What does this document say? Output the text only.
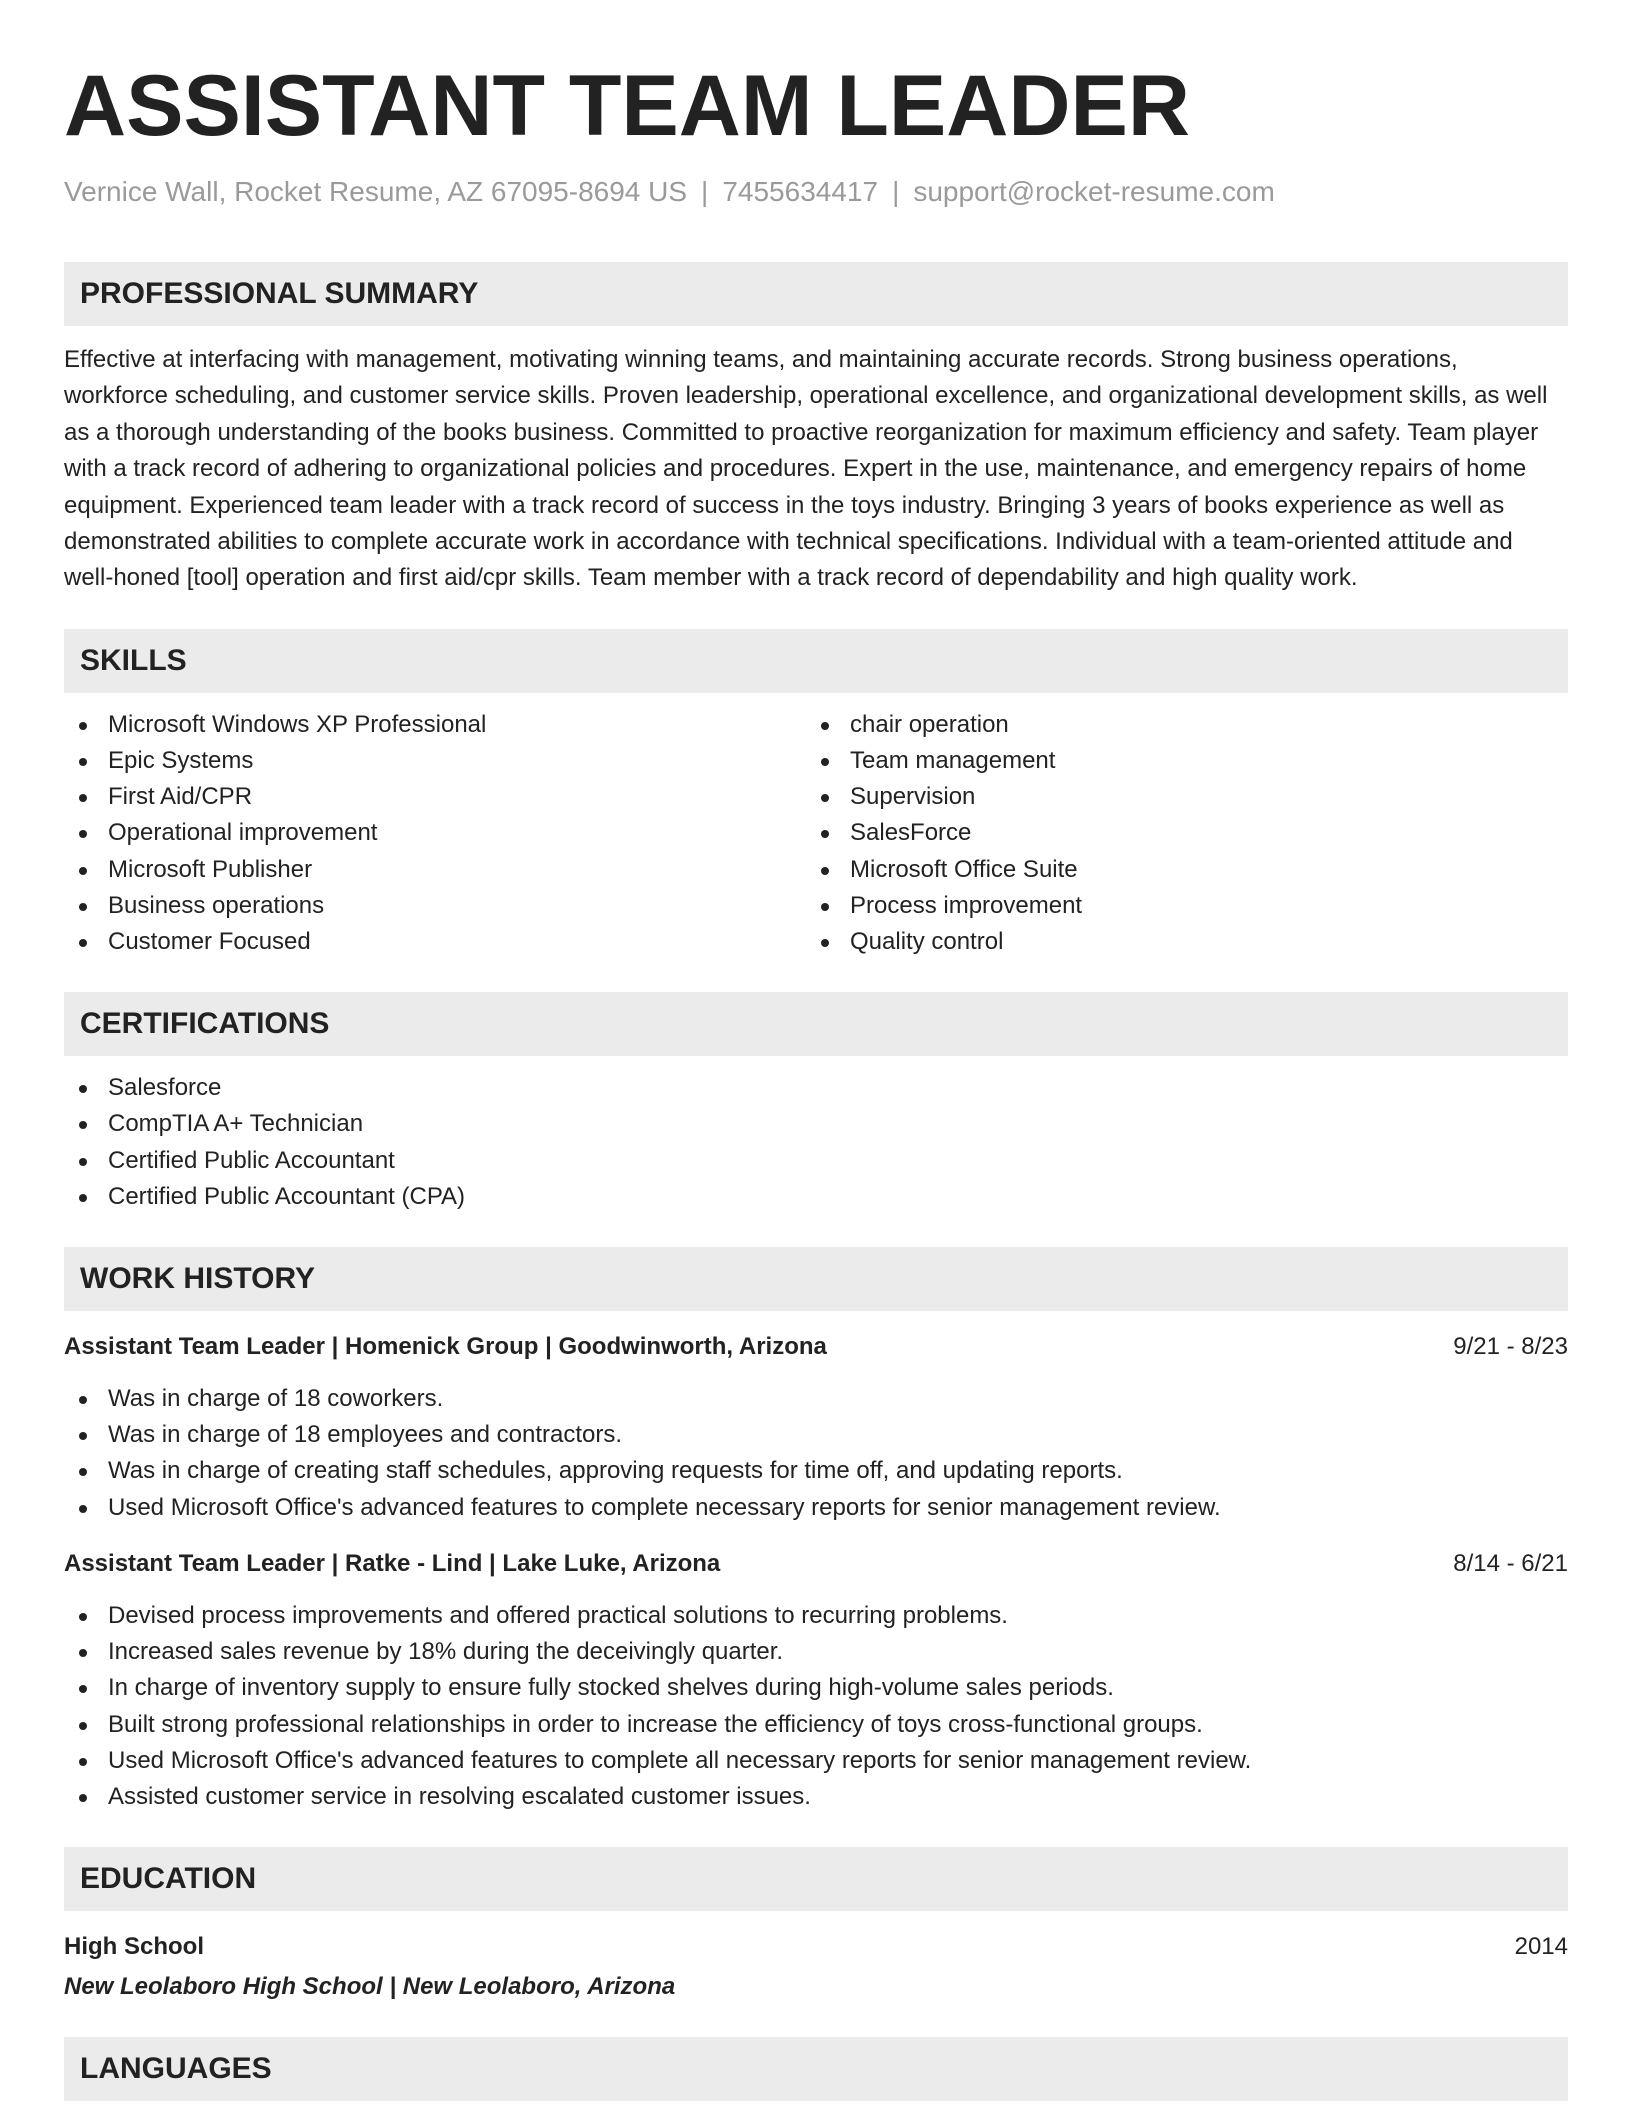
ASSISTANT TEAM LEADER
Vernice Wall, Rocket Resume, AZ 67095-8694 US | 7455634417 | support@rocket-resume.com
PROFESSIONAL SUMMARY
Effective at interfacing with management, motivating winning teams, and maintaining accurate records. Strong business operations, workforce scheduling, and customer service skills. Proven leadership, operational excellence, and organizational development skills, as well as a thorough understanding of the books business. Committed to proactive reorganization for maximum efficiency and safety. Team player with a track record of adhering to organizational policies and procedures. Expert in the use, maintenance, and emergency repairs of home equipment. Experienced team leader with a track record of success in the toys industry. Bringing 3 years of books experience as well as demonstrated abilities to complete accurate work in accordance with technical specifications. Individual with a team-oriented attitude and well-honed [tool] operation and first aid/cpr skills. Team member with a track record of dependability and high quality work.
SKILLS
Microsoft Windows XP Professional
Epic Systems
First Aid/CPR
Operational improvement
Microsoft Publisher
Business operations
Customer Focused
chair operation
Team management
Supervision
SalesForce
Microsoft Office Suite
Process improvement
Quality control
CERTIFICATIONS
Salesforce
CompTIA A+ Technician
Certified Public Accountant
Certified Public Accountant (CPA)
WORK HISTORY
Assistant Team Leader | Homenick Group | Goodwinworth, Arizona	9/21 - 8/23
Was in charge of 18 coworkers.
Was in charge of 18 employees and contractors.
Was in charge of creating staff schedules, approving requests for time off, and updating reports.
Used Microsoft Office's advanced features to complete necessary reports for senior management review.
Assistant Team Leader | Ratke - Lind | Lake Luke, Arizona	8/14 - 6/21
Devised process improvements and offered practical solutions to recurring problems.
Increased sales revenue by 18% during the deceivingly quarter.
In charge of inventory supply to ensure fully stocked shelves during high-volume sales periods.
Built strong professional relationships in order to increase the efficiency of toys cross-functional groups.
Used Microsoft Office's advanced features to complete all necessary reports for senior management review.
Assisted customer service in resolving escalated customer issues.
EDUCATION
High School	2014
New Leolaboro High School | New Leolaboro, Arizona
LANGUAGES
